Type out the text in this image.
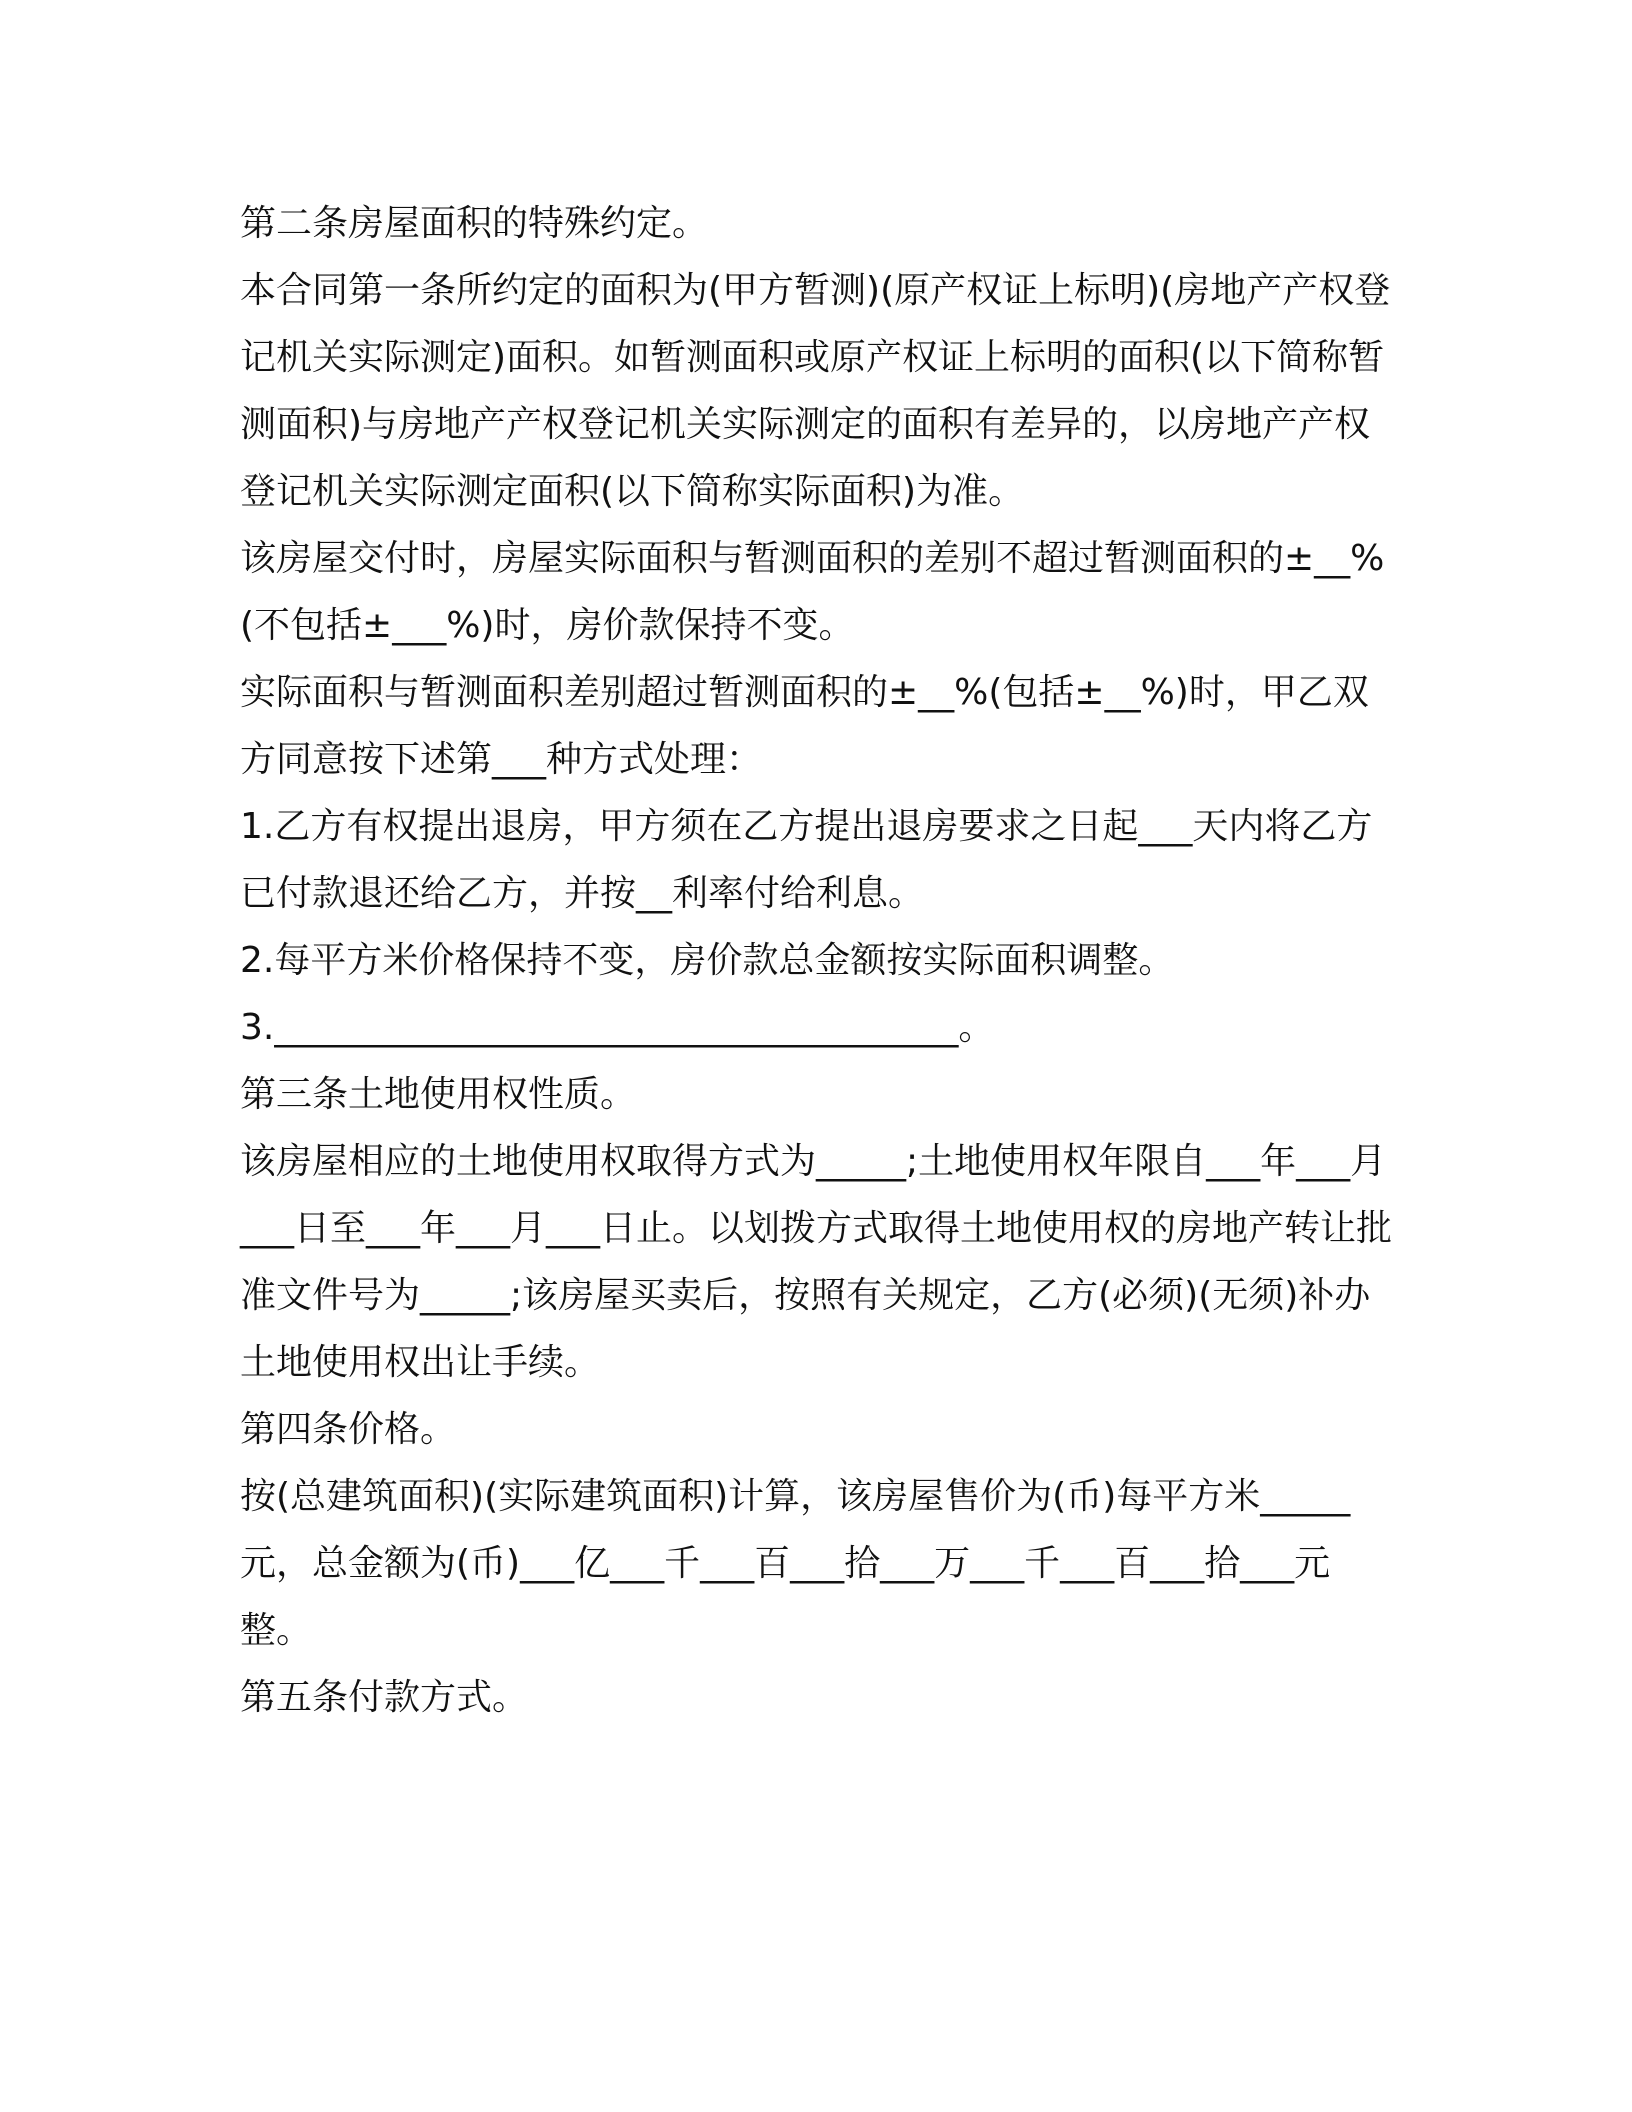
第二条房屋面积的特殊约定。

本合同第一条所约定的面积为(甲方暂测)(原产权证上标明)(房地产产权登记机关实际测定)面积。如暂测面积或原产权证上标明的面积(以下简称暂测面积)与房地产产权登记机关实际测定的面积有差异的，以房地产产权登记机关实际测定面积(以下简称实际面积)为准。

该房屋交付时，房屋实际面积与暂测面积的差别不超过暂测面积的±__%(不包括±___%)时，房价款保持不变。

实际面积与暂测面积差别超过暂测面积的±__%(包括±__%)时，甲乙双方同意按下述第___种方式处理：

1.乙方有权提出退房，甲方须在乙方提出退房要求之日起___天内将乙方已付款退还给乙方，并按__利率付给利息。

2.每平方米价格保持不变，房价款总金额按实际面积调整。

3.______________________________________。

第三条土地使用权性质。

该房屋相应的土地使用权取得方式为_____;土地使用权年限自___年___月___日至___年___月___日止。以划拨方式取得土地使用权的房地产转让批准文件号为_____;该房屋买卖后，按照有关规定，乙方(必须)(无须)补办土地使用权出让手续。

第四条价格。

按(总建筑面积)(实际建筑面积)计算，该房屋售价为(币)每平方米_____元，总金额为(币)___亿___千___百___拾___万___千___百___拾___元整。

第五条付款方式。
